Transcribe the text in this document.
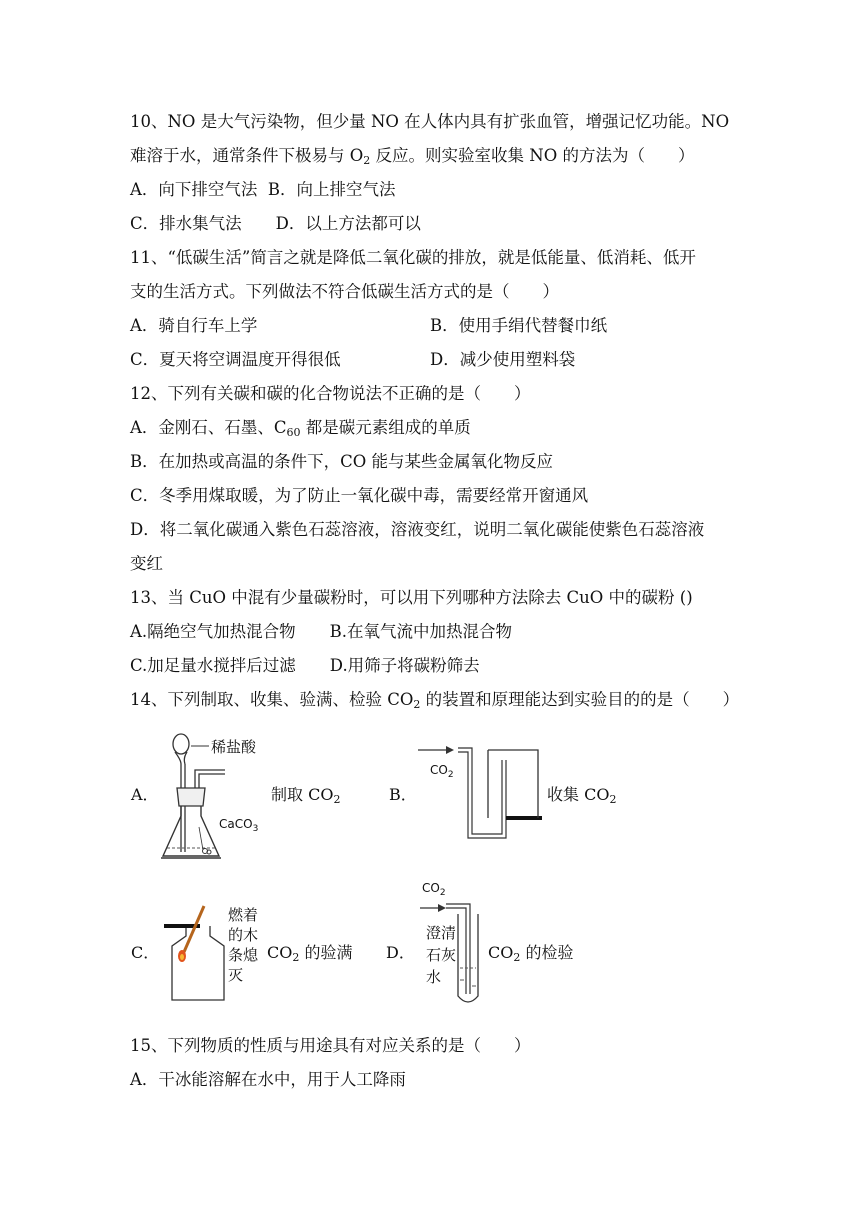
10、NO 是大气污染物，但少量 NO 在人体内具有扩张血管，增强记忆功能。NO
难溶于水，通常条件下极易与 $O_2$ 反应。则实验室收集 NO 的方法为（　　）
A．向下排空气法 B．向上排空气法
C．排水集气法 D．以上方法都可以
11、“低碳生活”简言之就是降低二氧化碳的排放，就是低能量、低消耗、低开
支的生活方式。下列做法不符合低碳生活方式的是（　　）
A．骑自行车上学	B．使用手绢代替餐巾纸
C．夏天将空调温度开得很低	D．减少使用塑料袋
12、下列有关碳和碳的化合物说法不正确的是（　　）
A．金刚石、石墨、$C_{60}$ 都是碳元素组成的单质
B．在加热或高温的条件下，CO 能与某些金属氧化物反应
C．冬季用煤取暖，为了防止一氧化碳中毒，需要经常开窗通风
D．将二氧化碳通入紫色石蕊溶液，溶液变红，说明二氧化碳能使紫色石蕊溶液
变红
13、当 CuO 中混有少量碳粉时，可以用下列哪种方法除去 CuO 中的碳粉 ()
A.隔绝空气加热混合物 B.在氧气流中加热混合物
C.加足量水搅拌后过滤 D.用筛子将碳粉筛去
14、下列制取、收集、验满、检验 $CO_2$ 的装置和原理能达到实验目的的是（　　）
A．
稀盐酸
CaCO$_3$
制取 $CO_2$	B．
$CO_2$
收集 $CO_2$
C．
燃着
的木
条熄
灭
$CO_2$ 的验满 D．
$CO_2$
澄清
石灰
水
$CO_2$ 的检验
15、下列物质的性质与用途具有对应关系的是（　　）
A．干冰能溶解在水中，用于人工降雨
